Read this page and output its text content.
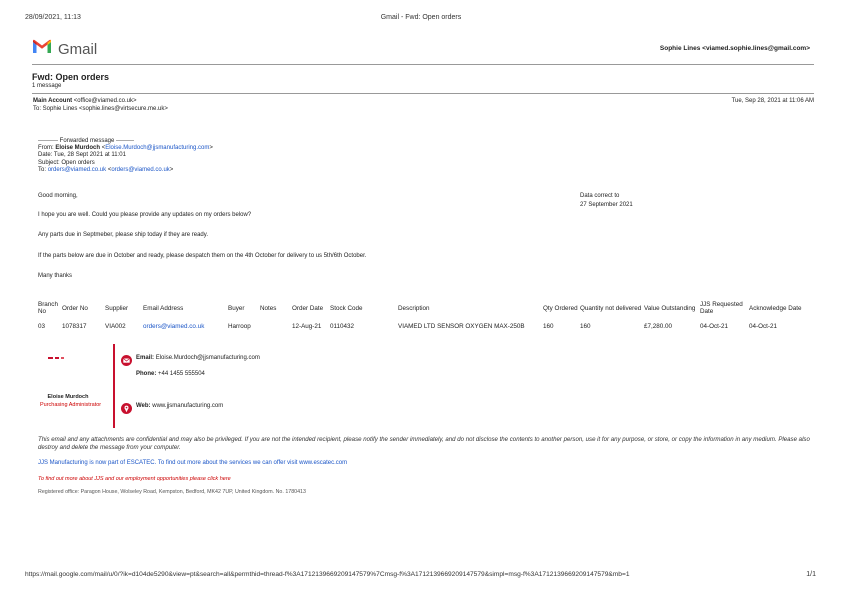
28/09/2021, 11:13	Gmail - Fwd: Open orders
Gmail	Sophie Lines <viamed.sophie.lines@gmail.com>
Fwd: Open orders
1 message
Main Account <office@viamed.co.uk>	Tue, Sep 28, 2021 at 11:06 AM
To: Sophie Lines <sophie.lines@virtsecure.me.uk>
---------- Forwarded message ---------
From: Eloise Murdoch <Eloise.Murdoch@jjsmanufacturing.com>
Date: Tue, 28 Sept 2021 at 11:01
Subject: Open orders
To: orders@viamed.co.uk <orders@viamed.co.uk>
Good morning,	Data correct to
27 September 2021
I hope you are well. Could you please provide any updates on my orders below?
Any parts due in Septmeber, please ship today if they are ready.
If the parts below are due in October and ready, please despatch them on the 4th October for delivery to us 5th/6th October.
Many thanks
Branch No	Order No	Supplier	Email Address	Buyer	Notes	Order Date	Stock Code	Description	Qty Ordered	Quantity not delivered	Value Outstanding	JJS Requested Date	Acknowledge Date
03	1078317	VIA002	orders@viamed.co.uk	Harroop		12-Aug-21	0110432	VIAMED LTD SENSOR OXYGEN MAX-250B	160	160	£7,280.00	04-Oct-21	04-Oct-21
Eloise Murdoch
Purchasing Administrator
Email: Eloise.Murdoch@jjsmanufacturing.com
Phone: +44 1455 555504
Web: www.jjsmanufacturing.com
This email and any attachments are confidential and may also be privileged. If you are not the intended recipient, please notify the sender immediately, and do not disclose the contents to another person, use it for any purpose, or store, or copy the information in any medium. Please also destroy and delete the message from your computer.
JJS Manufacturing is now part of ESCATEC. To find out more about the services we can offer visit www.escatec.com
To find out more about JJS and our employment opportunities please click here
Registered office: Paragon House, Wolseley Road, Kempston, Bedford, MK42 7UP, United Kingdom. No. 1780413
https://mail.google.com/mail/u/0/?ik=d104de5290&view=pt&search=all&permthid=thread-f%3A1712139669209147579%7Cmsg-f%3A1712139669209147579&simpl=msg-f%3A1712139669209147579&mb=1	1/1
